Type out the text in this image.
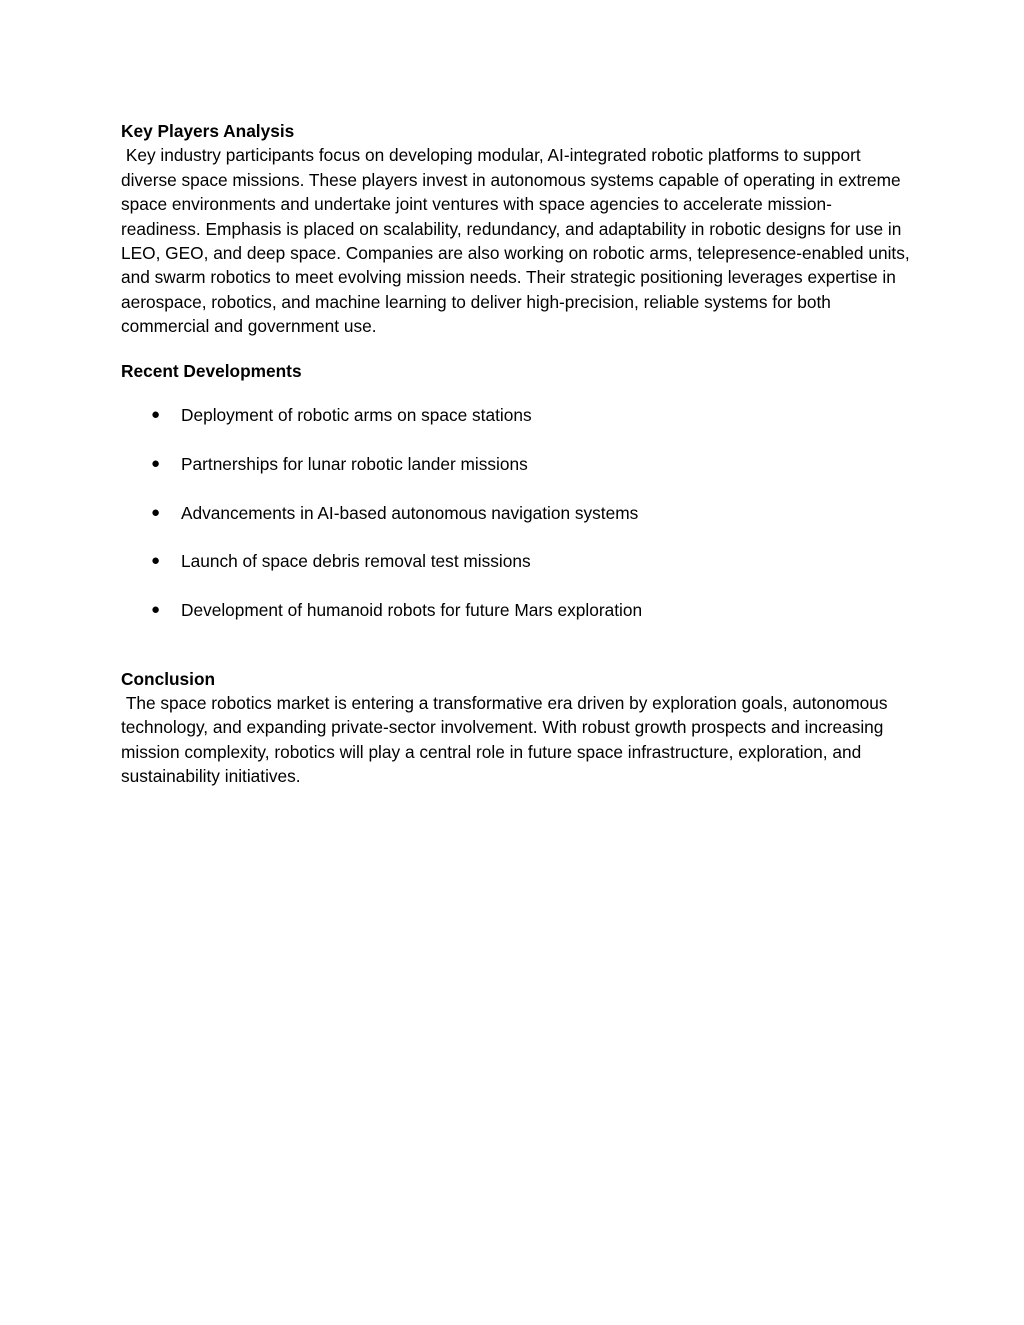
Key Players Analysis

Key industry participants focus on developing modular, AI-integrated robotic platforms to support diverse space missions. These players invest in autonomous systems capable of operating in extreme space environments and undertake joint ventures with space agencies to accelerate mission-readiness. Emphasis is placed on scalability, redundancy, and adaptability in robotic designs for use in LEO, GEO, and deep space. Companies are also working on robotic arms, telepresence-enabled units, and swarm robotics to meet evolving mission needs. Their strategic positioning leverages expertise in aerospace, robotics, and machine learning to deliver high-precision, reliable systems for both commercial and government use.

Recent Developments

● Deployment of robotic arms on space stations
● Partnerships for lunar robotic lander missions
● Advancements in AI-based autonomous navigation systems
● Launch of space debris removal test missions
● Development of humanoid robots for future Mars exploration

Conclusion

The space robotics market is entering a transformative era driven by exploration goals, autonomous technology, and expanding private-sector involvement. With robust growth prospects and increasing mission complexity, robotics will play a central role in future space infrastructure, exploration, and sustainability initiatives.
